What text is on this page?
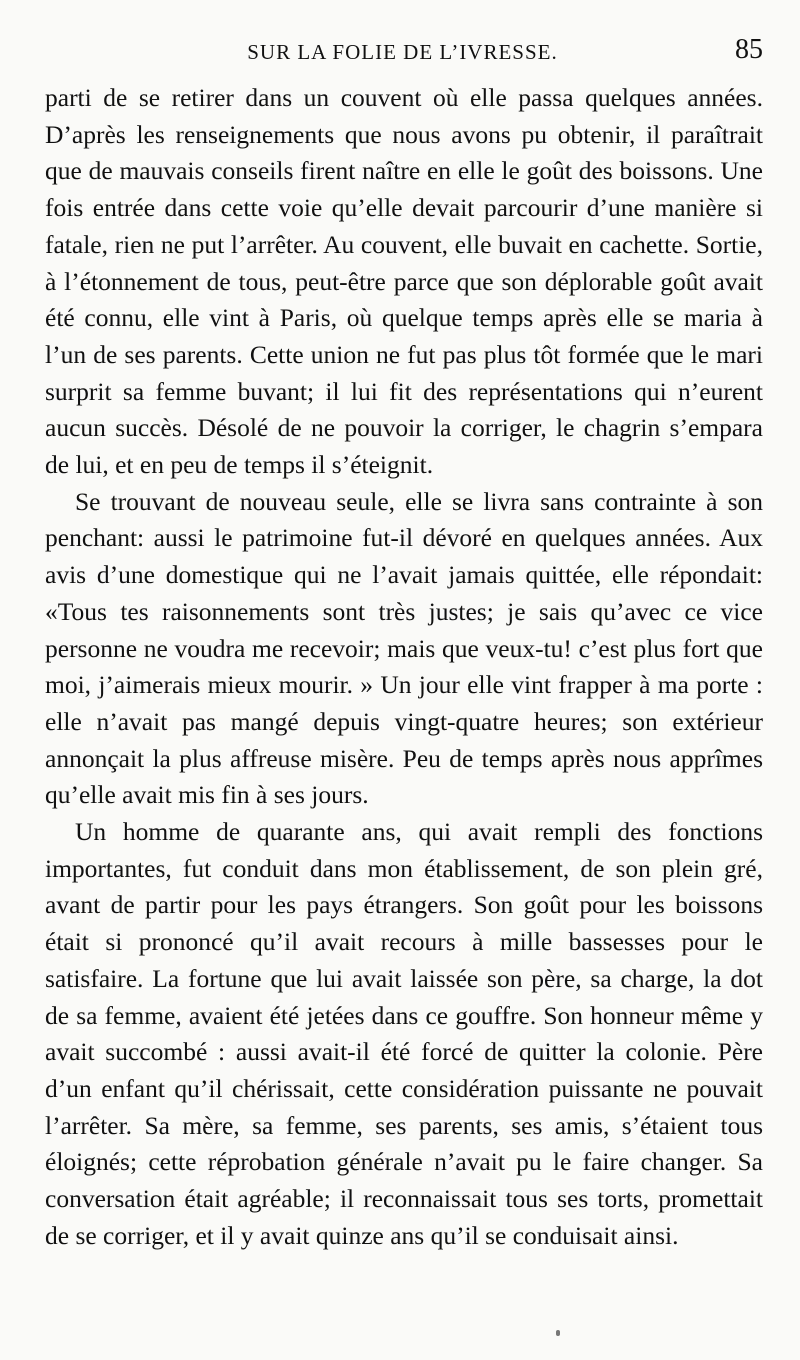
SUR LA FOLIE DE L’IVRESSE.	85

parti de se retirer dans un couvent où elle passa quelques années. D’après les renseignements que nous avons pu obtenir, il paraîtrait que de mauvais conseils firent naître en elle le goût des boissons. Une fois entrée dans cette voie qu’elle devait parcourir d’une manière si fatale, rien ne put l’arrêter. Au couvent, elle buvait en cachette. Sortie, à l’étonnement de tous, peut-être parce que son déplorable goût avait été connu, elle vint à Paris, où quelque temps après elle se maria à l’un de ses parents. Cette union ne fut pas plus tôt formée que le mari surprit sa femme buvant; il lui fit des représentations qui n’eurent aucun succès. Désolé de ne pouvoir la corriger, le chagrin s’empara de lui, et en peu de temps il s’éteignit.

Se trouvant de nouveau seule, elle se livra sans contrainte à son penchant: aussi le patrimoine fut-il dévoré en quelques années. Aux avis d’une domestique qui ne l’avait jamais quittée, elle répondait: «Tous tes raisonnements sont très justes; je sais qu’avec ce vice personne ne voudra me recevoir; mais que veux-tu! c’est plus fort que moi, j’aimerais mieux mourir. » Un jour elle vint frapper à ma porte : elle n’avait pas mangé depuis vingt-quatre heures; son extérieur annonçait la plus affreuse misère. Peu de temps après nous apprîmes qu’elle avait mis fin à ses jours.

Un homme de quarante ans, qui avait rempli des fonctions importantes, fut conduit dans mon établissement, de son plein gré, avant de partir pour les pays étrangers. Son goût pour les boissons était si prononcé qu’il avait recours à mille bassesses pour le satisfaire. La fortune que lui avait laissée son père, sa charge, la dot de sa femme, avaient été jetées dans ce gouffre. Son honneur même y avait succombé : aussi avait-il été forcé de quitter la colonie. Père d’un enfant qu’il chérissait, cette considération puissante ne pouvait l’arrêter. Sa mère, sa femme, ses parents, ses amis, s’étaient tous éloignés; cette réprobation générale n’avait pu le faire changer. Sa conversation était agréable; il reconnaissait tous ses torts, promettait de se corriger, et il y avait quinze ans qu’il se conduisait ainsi.
